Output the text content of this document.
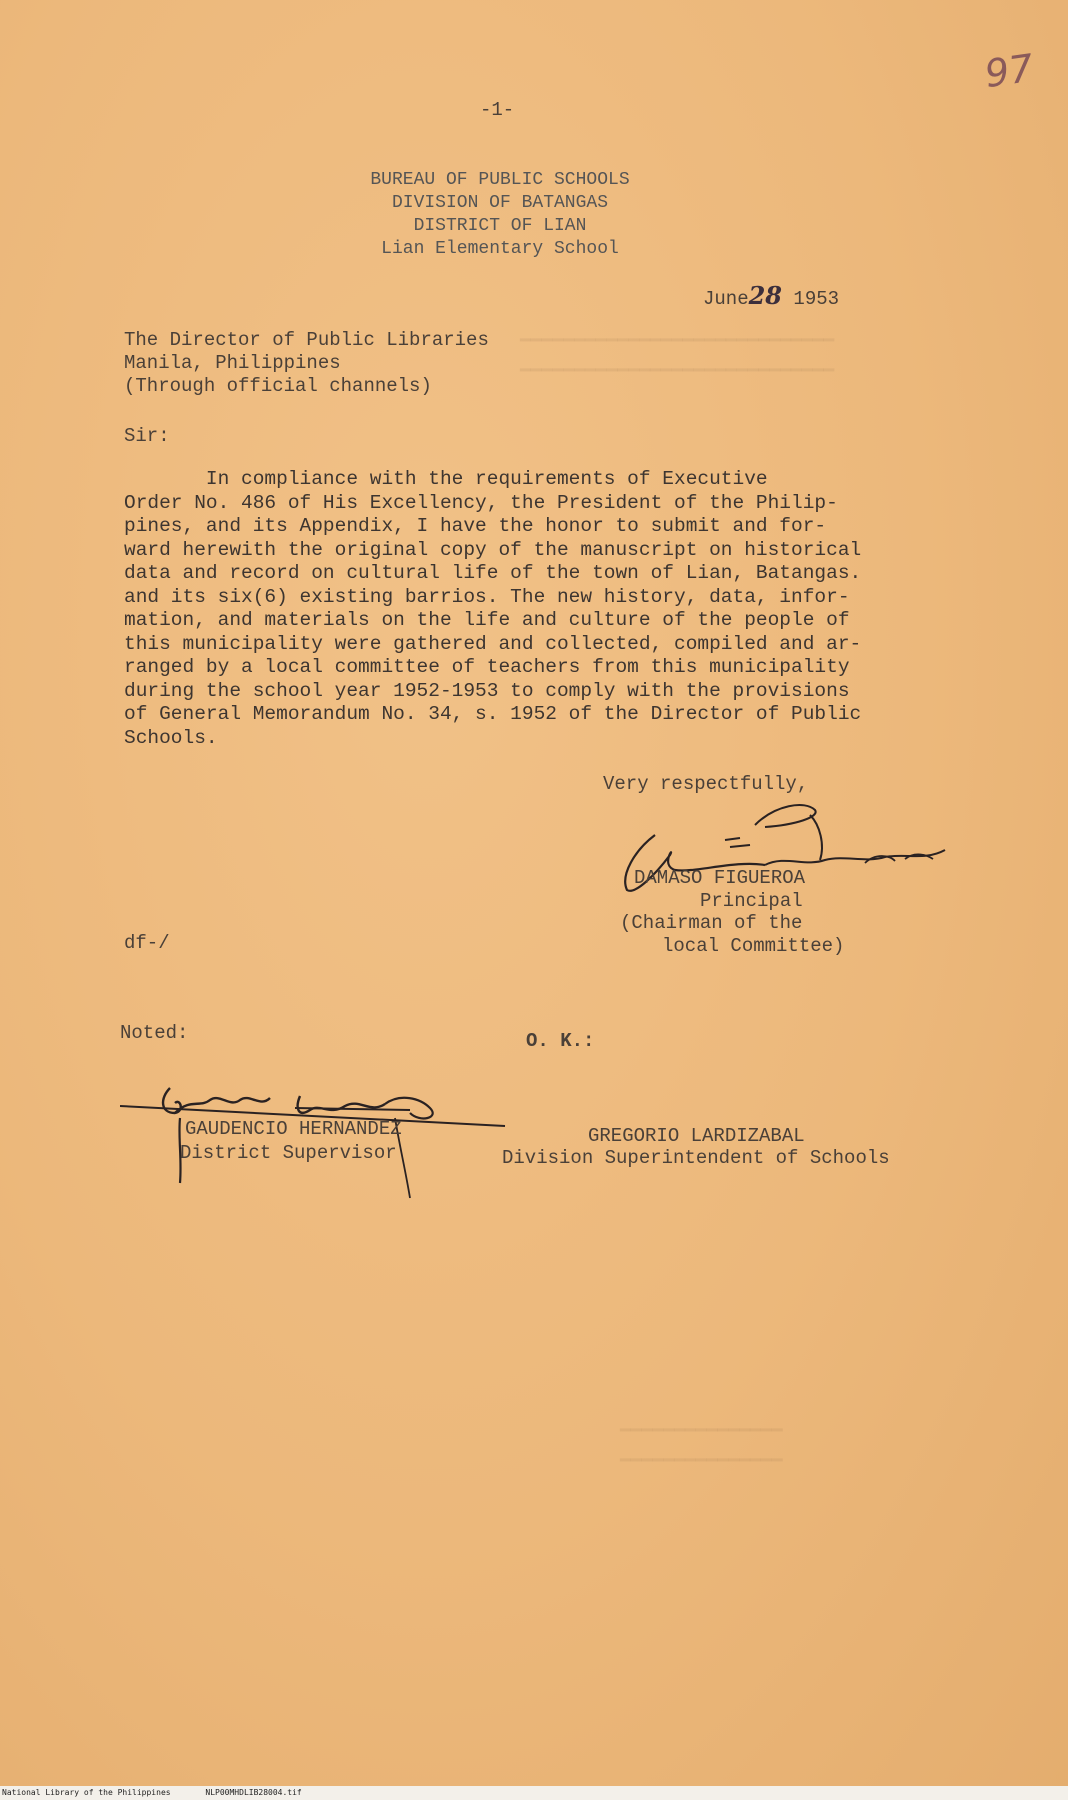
━━━━━━━━━━━━━━━━━━━━━━━━━━━━━
━━━━━━━━━━━━━━━━━━━━━━━━━━━━━
━━━━━━━━━━━━━━━
━━━━━━━━━━━━━━━
97
-1-
BUREAU OF PUBLIC SCHOOLS
DIVISION OF BATANGAS
DISTRICT OF LIAN
Lian Elementary School
June28 1953
The Director of Public Libraries
Manila, Philippines
(Through official channels)
Sir:
In compliance with the requirements of Executive
Order No. 486 of His Excellency, the President of the Philip-
pines, and its Appendix, I have the honor to submit and for-
ward herewith the original copy of the manuscript on historical
data and record on cultural life of the town of Lian, Batangas.
and its six(6) existing barrios. The new history, data, infor-
mation, and materials on the life and culture of the people of
this municipality were gathered and collected, compiled and ar-
ranged by a local committee of teachers from this municipality
during the school year 1952-1953 to comply with the provisions
of General Memorandum No. 34, s. 1952 of the Director of Public
Schools.
Very respectfully,
DAMASO FIGUEROA
Principal
(Chairman of the
local Committee)
df-/
Noted:	O. K.:
GAUDENCIO HERNANDEZ
District Supervisor
GREGORIO LARDIZABAL
Division Superintendent of Schools
National Library of the Philippines	NLP00MHDLIB28004.tif
